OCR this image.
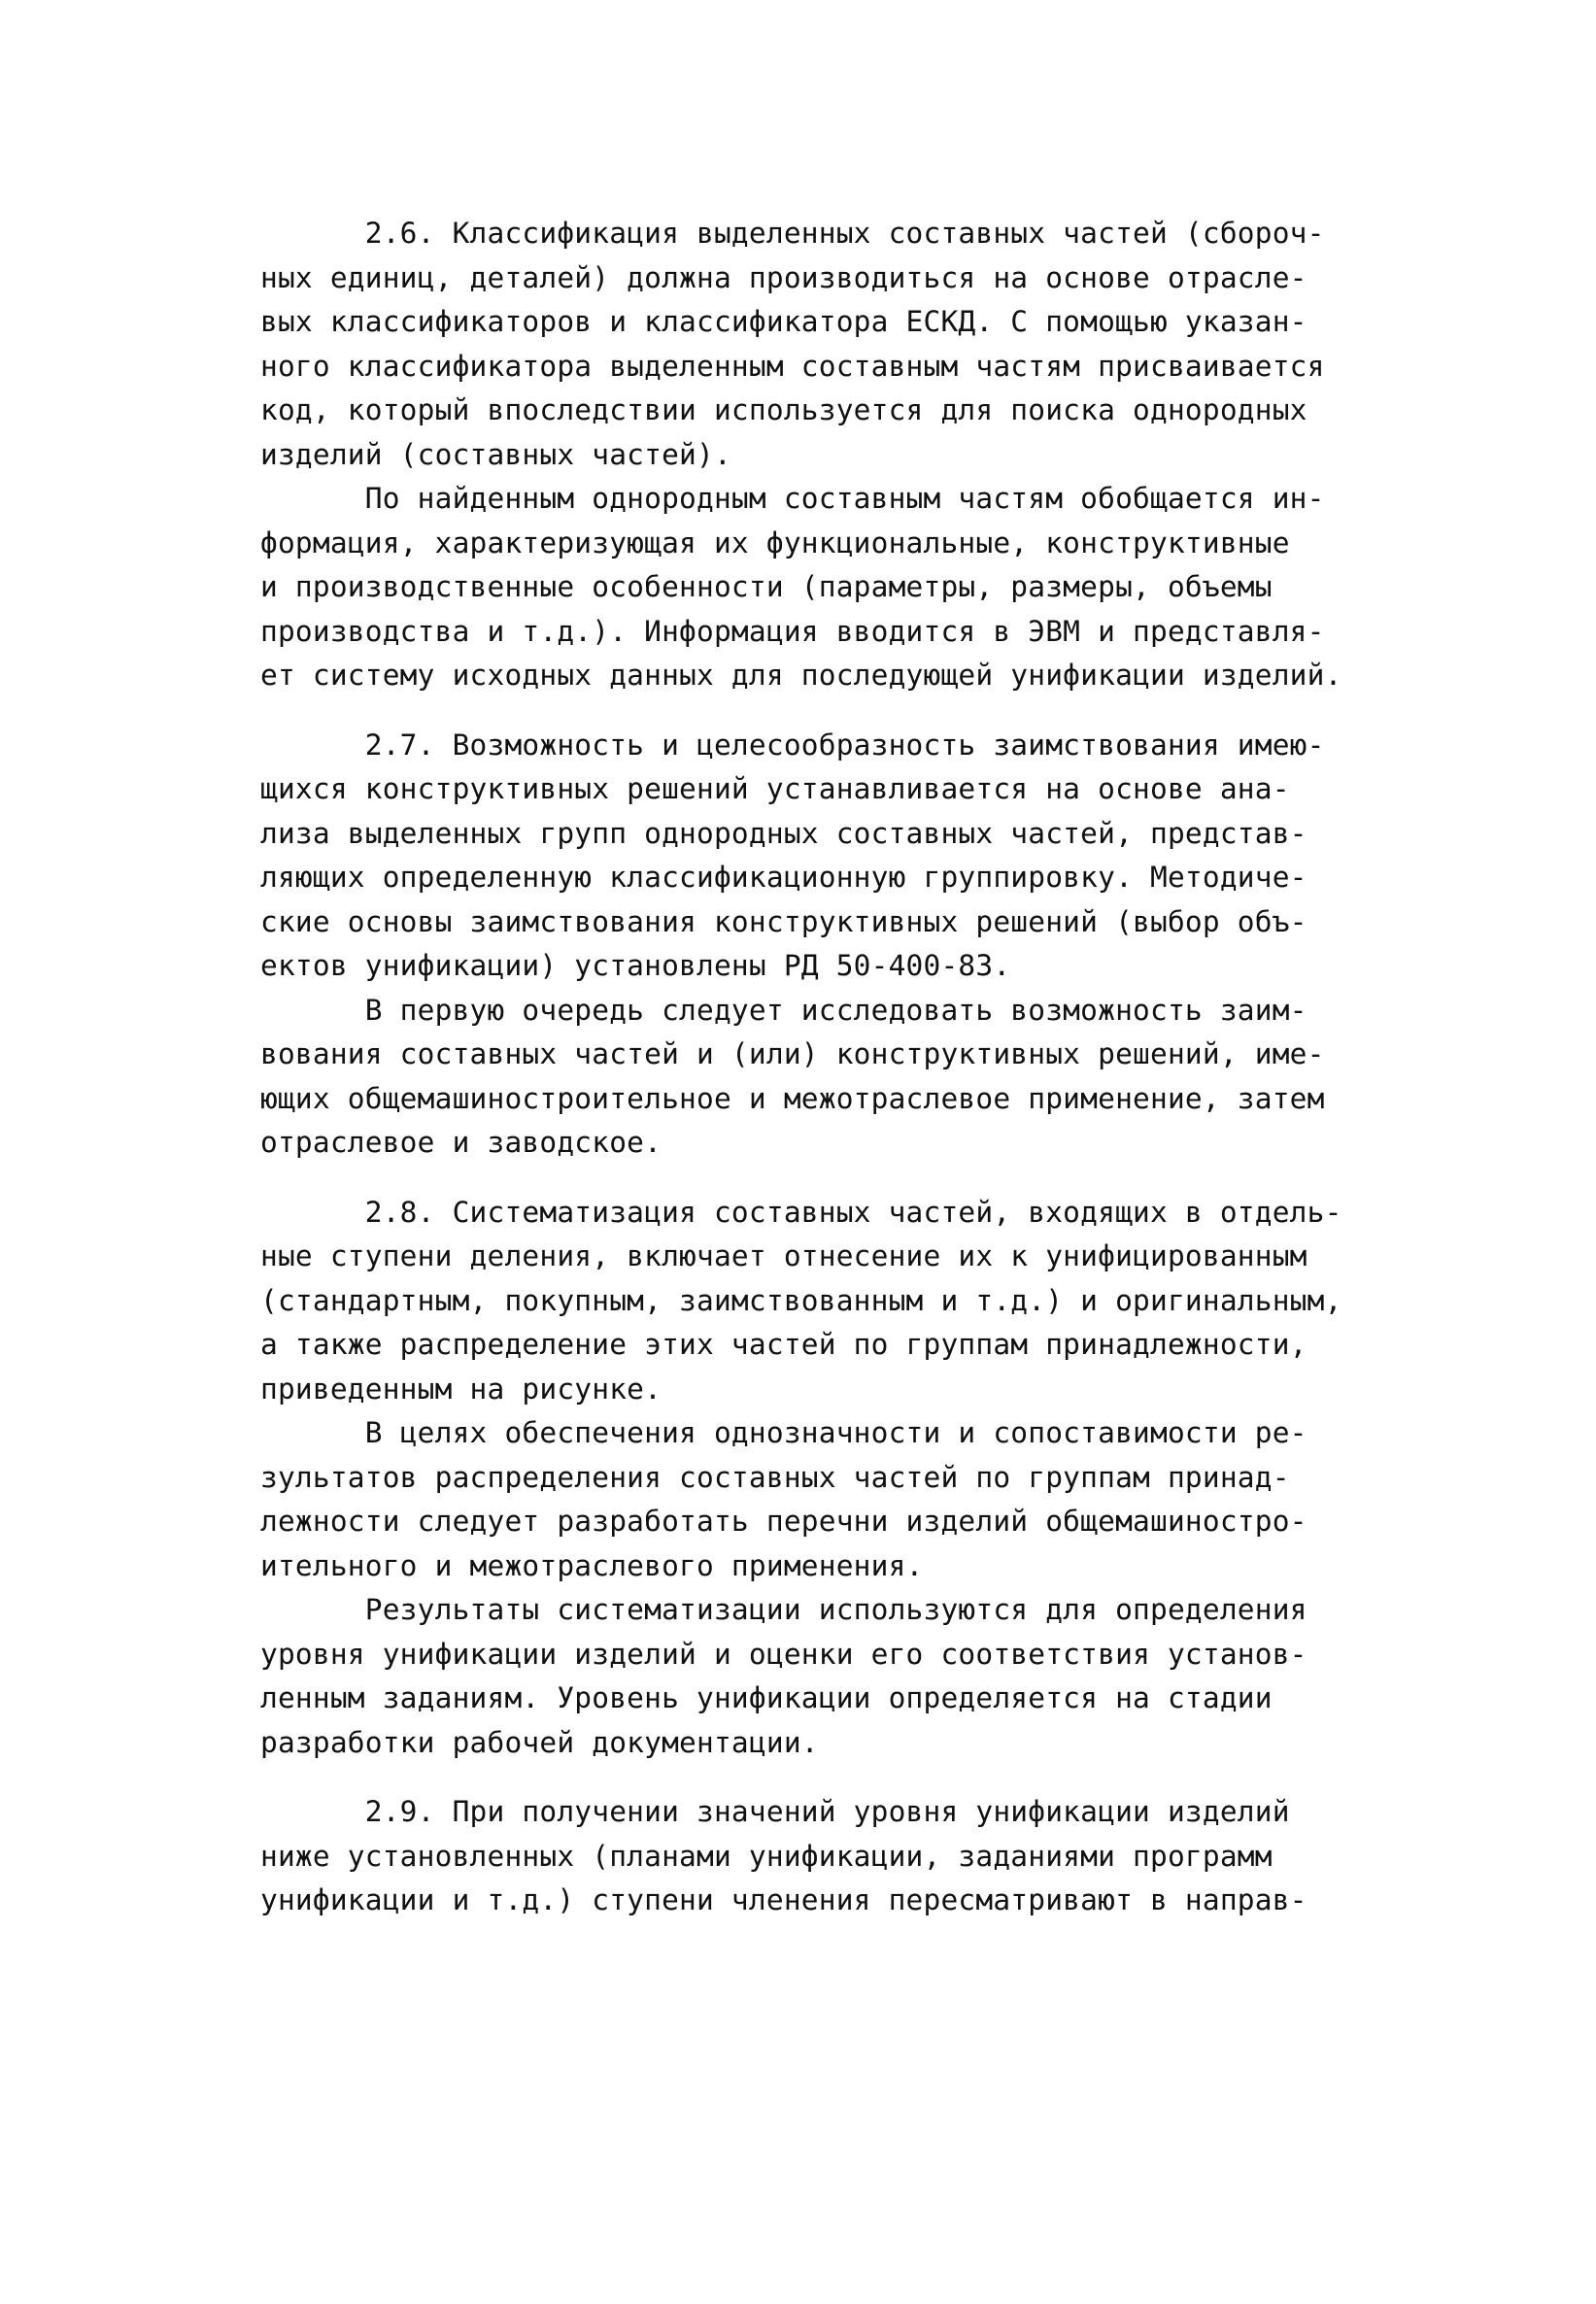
2.6. Классификация выделенных составных частей (сбороч-
ных единиц, деталей) должна производиться на основе отрасле-
вых классификаторов и классификатора ЕСКД. С помощью указан-
ного классификатора выделенным составным частям присваивается
код, который впоследствии используется для поиска однородных
изделий (составных частей).
По найденным однородным составным частям обобщается ин-
формация, характеризующая их функциональные, конструктивные
и производственные особенности (параметры, размеры, объемы
производства и т.д.). Информация вводится в ЭВМ и представля-
ет систему исходных данных для последующей унификации изделий.
2.7. Возможность и целесообразность заимствования имею-
щихся конструктивных решений устанавливается на основе ана-
лиза выделенных групп однородных составных частей, представ-
ляющих определенную классификационную группировку. Методиче-
ские основы заимствования конструктивных решений (выбор объ-
ектов унификации) установлены РД 50-400-83.
В первую очередь следует исследовать возможность заим-
вования составных частей и (или) конструктивных решений, име-
ющих общемашиностроительное и межотраслевое применение, затем
отраслевое и заводское.
2.8. Систематизация составных частей, входящих в отдель-
ные ступени деления, включает отнесение их к унифицированным
(стандартным, покупным, заимствованным и т.д.) и оригинальным,
а также распределение этих частей по группам принадлежности,
приведенным на рисунке.
В целях обеспечения однозначности и сопоставимости ре-
зультатов распределения составных частей по группам принад-
лежности следует разработать перечни изделий общемашиностро-
ительного и межотраслевого применения.
Результаты систематизации используются для определения
уровня унификации изделий и оценки его соответствия установ-
ленным заданиям. Уровень унификации определяется на стадии
разработки рабочей документации.
2.9. При получении значений уровня унификации изделий
ниже установленных (планами унификации, заданиями программ
унификации и т.д.) ступени членения пересматривают в направ-
